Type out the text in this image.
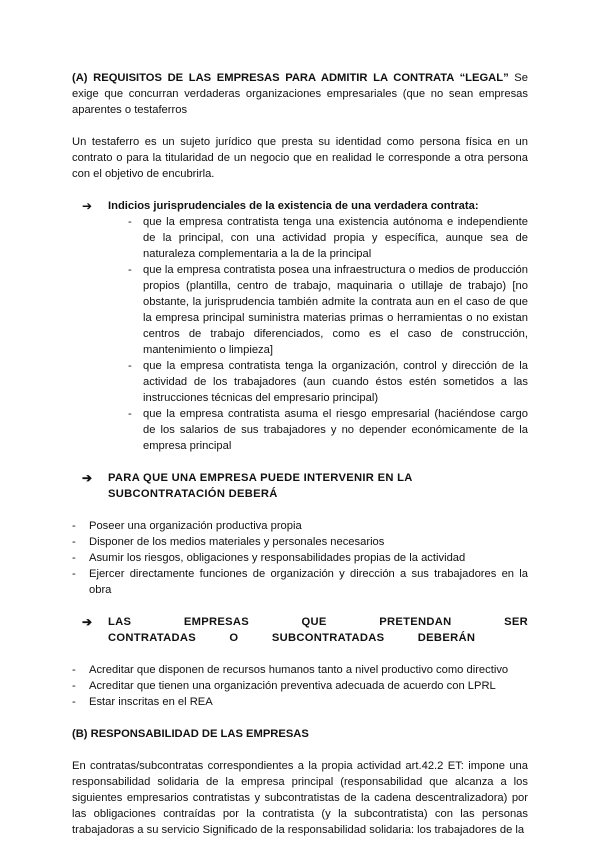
(A) REQUISITOS DE LAS EMPRESAS PARA ADMITIR LA CONTRATA “LEGAL” Se exige que concurran verdaderas organizaciones empresariales (que no sean empresas aparentes o testaferros

Un testaferro es un sujeto jurídico que presta su identidad como persona física en un contrato o para la titularidad de un negocio que en realidad le corresponde a otra persona con el objetivo de encubrirla.

➔ Indicios jurisprudenciales de la existencia de una verdadera contrata:
- que la empresa contratista tenga una existencia autónoma e independiente de la principal, con una actividad propia y específica, aunque sea de naturaleza complementaria a la de la principal
- que la empresa contratista posea una infraestructura o medios de producción propios (plantilla, centro de trabajo, maquinaria o utillaje de trabajo) [no obstante, la jurisprudencia también admite la contrata aun en el caso de que la empresa principal suministra materias primas o herramientas o no existan centros de trabajo diferenciados, como es el caso de construcción, mantenimiento o limpieza]
- que la empresa contratista tenga la organización, control y dirección de la actividad de los trabajadores (aun cuando éstos estén sometidos a las instrucciones técnicas del empresario principal)
- que la empresa contratista asuma el riesgo empresarial (haciéndose cargo de los salarios de sus trabajadores y no depender económicamente de la empresa principal
➔ PARA QUE UNA EMPRESA PUEDE INTERVENIR EN LA SUBCONTRATACIÓN DEBERÁ
- Poseer una organización productiva propia
- Disponer de los medios materiales y personales necesarios
- Asumir los riesgos, obligaciones y responsabilidades propias de la actividad
- Ejercer directamente funciones de organización y dirección a sus trabajadores en la obra
➔ LAS EMPRESAS QUE PRETENDAN SER CONTRATADAS O SUBCONTRATADAS DEBERÁN
- Acreditar que disponen de recursos humanos tanto a nivel productivo como directivo
- Acreditar que tienen una organización preventiva adecuada de acuerdo con LPRL
- Estar inscritas en el REA

(B) RESPONSABILIDAD DE LAS EMPRESAS

En contratas/subcontratas correspondientes a la propia actividad art.42.2 ET: impone una responsabilidad solidaria de la empresa principal (responsabilidad que alcanza a los siguientes empresarios contratistas y subcontratistas de la cadena descentralizadora) por las obligaciones contraídas por la contratista (y la subcontratista) con las personas trabajadoras a su servicio Significado de la responsabilidad solidaria: los trabajadores de la
